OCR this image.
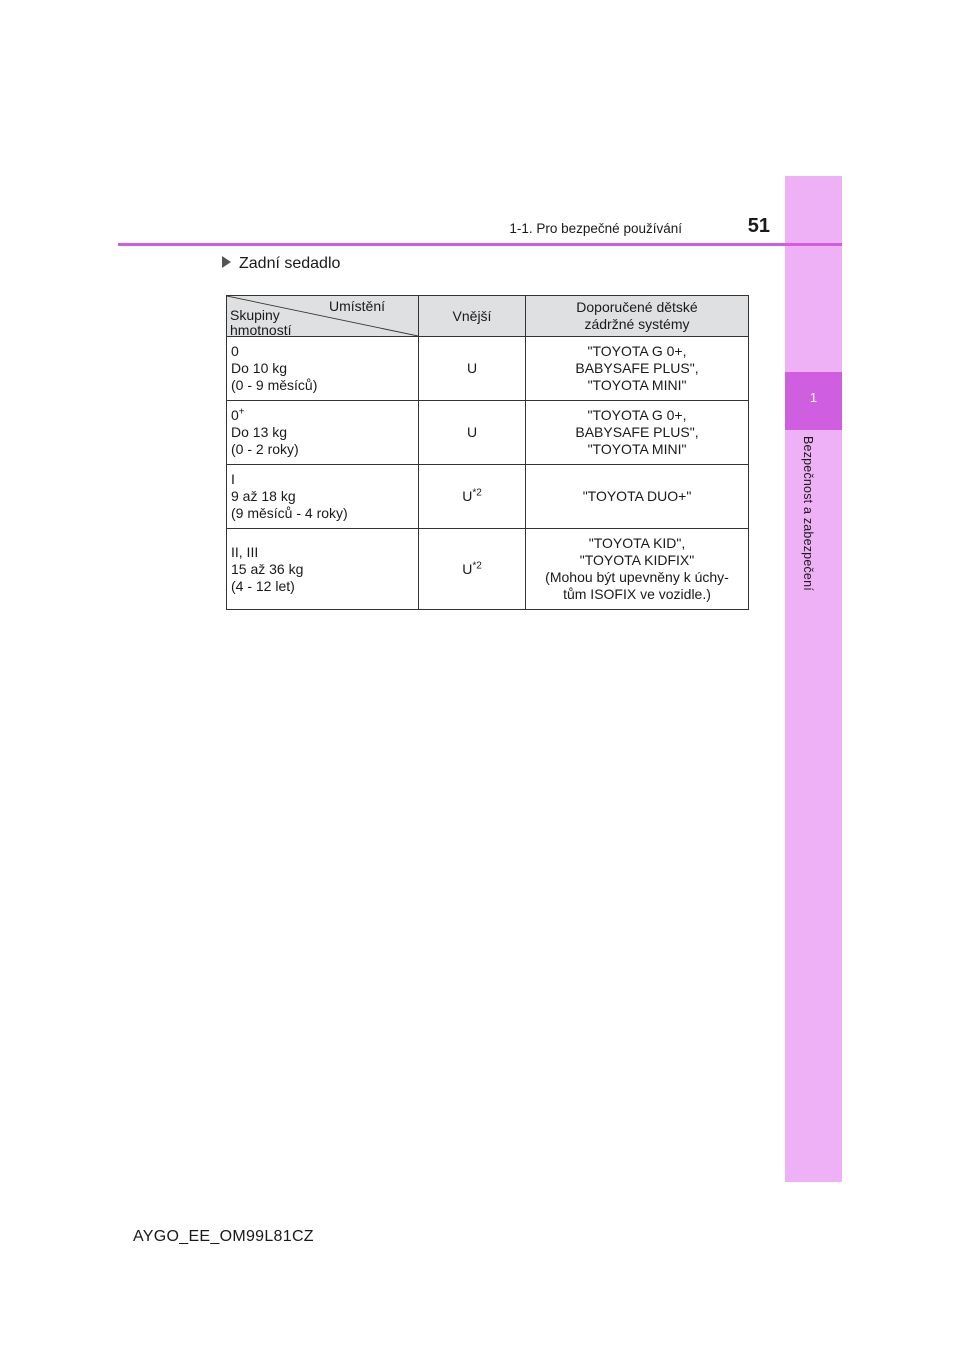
1
Bezpečnost a zabezpečení
1-1. Pro bezpečné používání	51
Zadní sedadlo
Umístění
Skupiny
hmotností	Vnější	Doporučené dětské
zádržné systémy
0
Do 10 kg
(0 - 9 měsíců)	U	"TOYOTA G 0+,
BABYSAFE PLUS",
"TOYOTA MINI"
0+
Do 13 kg
(0 - 2 roky)	U	"TOYOTA G 0+,
BABYSAFE PLUS",
"TOYOTA MINI"
I
9 až 18 kg
(9 měsíců - 4 roky)	$U^{*2}$	"TOYOTA DUO+"
II, III
15 až 36 kg
(4 - 12 let)	$U^{*2}$	"TOYOTA KID",
"TOYOTA KIDFIX"
(Mohou být upevněny k úchy-
tům ISOFIX ve vozidle.)
AYGO_EE_OM99L81CZ
